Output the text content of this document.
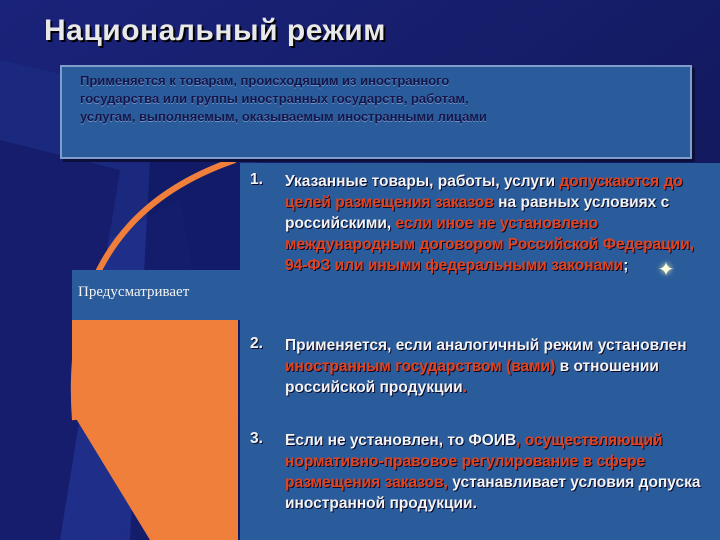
Национальный режим
Применяется к товарам, происходящим из иностранного
государства или группы иностранных государств, работам,
услугам, выполняемым, оказываемым иностранными лицами
Предусматривает
1. Указанные товары, работы, услуги допускаются до целей размещения заказов на равных условиях с российскими, если иное не установлено международным договором Российской Федерации, 94-ФЗ или иными федеральными законами;
2. Применяется, если аналогичный режим установлен иностранным государством (вами) в отношении российской продукции.
3. Если не установлен, то ФОИВ, осуществляющий нормативно-правовое регулирование в сфере размещения заказов, устанавливает условия допуска иностранной продукции.
✦
